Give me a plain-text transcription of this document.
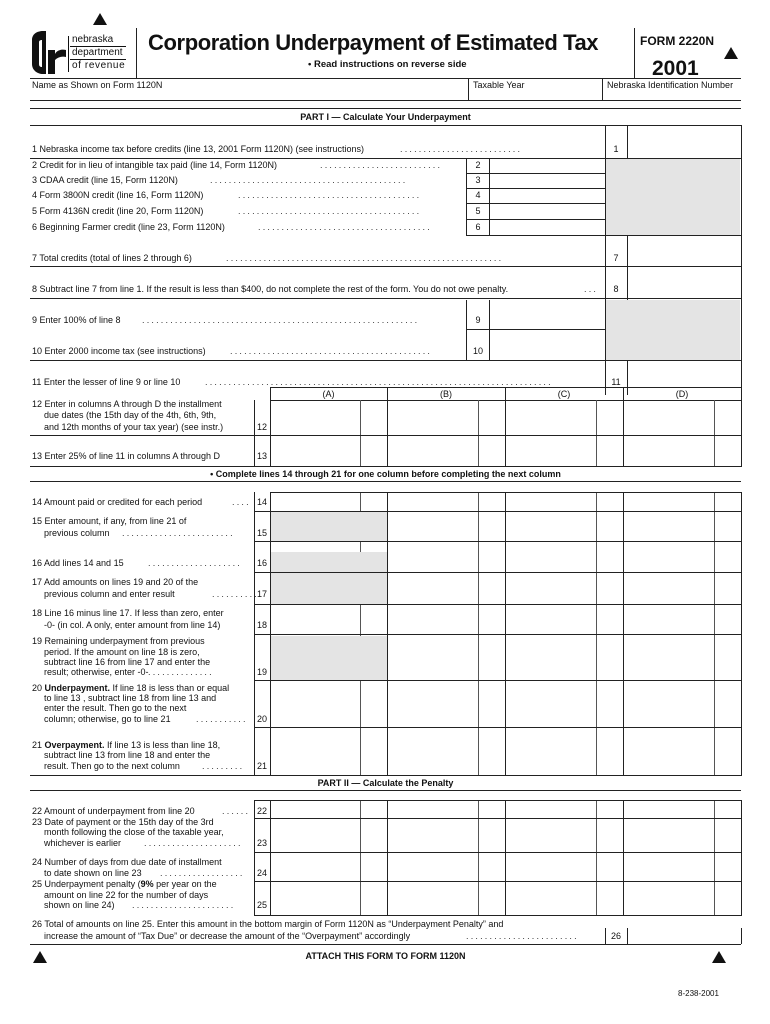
nebraska
department
of revenue
Corporation Underpayment of Estimated Tax
• Read instructions on reverse side
FORM 2220N
2001
Name as Shown on Form 1120N	Taxable Year	Nebraska Identification Number
PART I — Calculate Your Underpayment
1 Nebraska income tax before credits (line 13, 2001 Form 1120N) (see instructions)	..........................	1
2 Credit for in lieu of intangible tax paid (line 14, Form 1120N)	..........................	2
3 CDAA credit (line 15, Form 1120N)	..........................................	3
4 Form 3800N credit (line 16, Form 1120N)	.......................................	4
5 Form 4136N credit (line 20, Form 1120N)	.......................................	5
6 Beginning Farmer credit (line 23, Form 1120N)	.....................................	6
7 Total credits (total of lines 2 through 6)	...........................................................	7
8 Subtract line 7 from line 1. If the result is less than $400, do not complete the rest of the form. You do not owe penalty.	...	8
9 Enter 100% of line 8 ...........................................................	9
10 Enter 2000 income tax (see instructions)	...........................................	10
11 Enter the lesser of line 9 or line 10	..........................................................................	11
(A)	(B)	(C)	(D)
12 Enter in columns A through D the installment
due dates (the 15th day of the 4th, 6th, 9th,
and 12th months of your tax year) (see instr.)	12
13 Enter 25% of line 11 in columns A through D	13
• Complete lines 14 through 21 for one column before completing the next column
14 Amount paid or credited for each period	.... 14
15 Enter amount, if any, from line 21 of
previous column ........................	15
16 Add lines 14 and 15	....................	16
17 Add amounts on lines 19 and 20 of the
previous column and enter result	..........
17
18 Line 16 minus line 17. If less than zero, enter
-0- (in col. A only, enter amount from line 14)	18
19 Remaining underpayment from previous
period. If the amount on line 18 is zero,
subtract line 16 from line 17 and enter the
result; otherwise, enter -0- ..............	19
20 Underpayment. If line 18 is less than or equal
to line 13 , subtract line 18 from line 13 and
enter the result. Then go to the next
column; otherwise, go to line 21	...........	20
21 Overpayment. If line 13 is less than line 18,
subtract line 13 from line 18 and enter the
result. Then go to the next column .........	21
PART II — Calculate the Penalty
22 Amount of underpayment from line 20	...... 22
23 Date of payment or the 15th day of the 3rd
month following the close of the taxable year,
whichever is earlier	.....................	23
24 Number of days from due date of installment
to date shown on line 23 ..................	24
25 Underpayment penalty (9% per year on the
amount on line 22 for the number of days
shown on line 24) ......................	25
26 Total of amounts on line 25. Enter this amount in the bottom margin of Form 1120N as “Underpayment Penalty” and
increase the amount of “Tax Due” or decrease the amount of the “Overpayment” accordingly	........................	26
ATTACH THIS FORM TO FORM 1120N
8-238-2001
